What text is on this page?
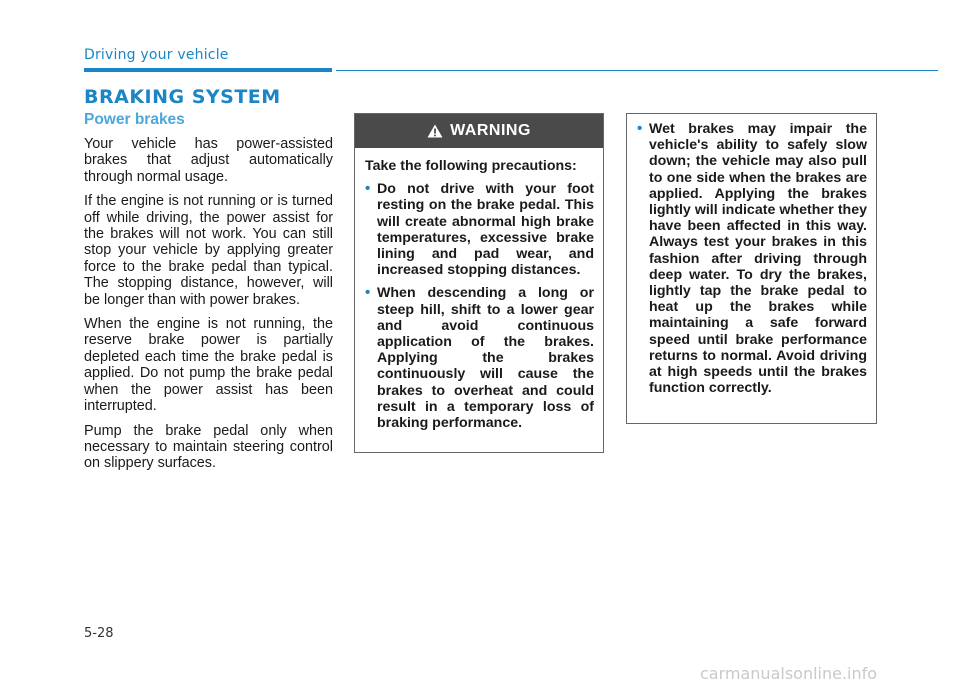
Driving your vehicle
BRAKING SYSTEM
Power brakes

Your vehicle has power-assisted brakes that adjust automatically through normal usage.

If the engine is not running or is turned off while driving, the power assist for the brakes will not work. You can still stop your vehicle by applying greater force to the brake pedal than typical. The stopping distance, however, will be longer than with power brakes.

When the engine is not running, the reserve brake power is partially depleted each time the brake pedal is applied. Do not pump the brake pedal when the power assist has been interrupted.

Pump the brake pedal only when necessary to maintain steering control on slippery surfaces.

WARNING

Take the following precautions:

• Do not drive with your foot resting on the brake pedal. This will create abnormal high brake temperatures, excessive brake lining and pad wear, and increased stopping distances.
• When descending a long or steep hill, shift to a lower gear and avoid continuous application of the brakes. Applying the brakes continuously will cause the brakes to overheat and could result in a temporary loss of braking performance.
• Wet brakes may impair the vehicle's ability to safely slow down; the vehicle may also pull to one side when the brakes are applied. Applying the brakes lightly will indicate whether they have been affected in this way. Always test your brakes in this fashion after driving through deep water. To dry the brakes, lightly tap the brake pedal to heat up the brakes while maintaining a safe forward speed until brake performance returns to normal. Avoid driving at high speeds until the brakes function correctly.
5-28
carmanualsonline.info
